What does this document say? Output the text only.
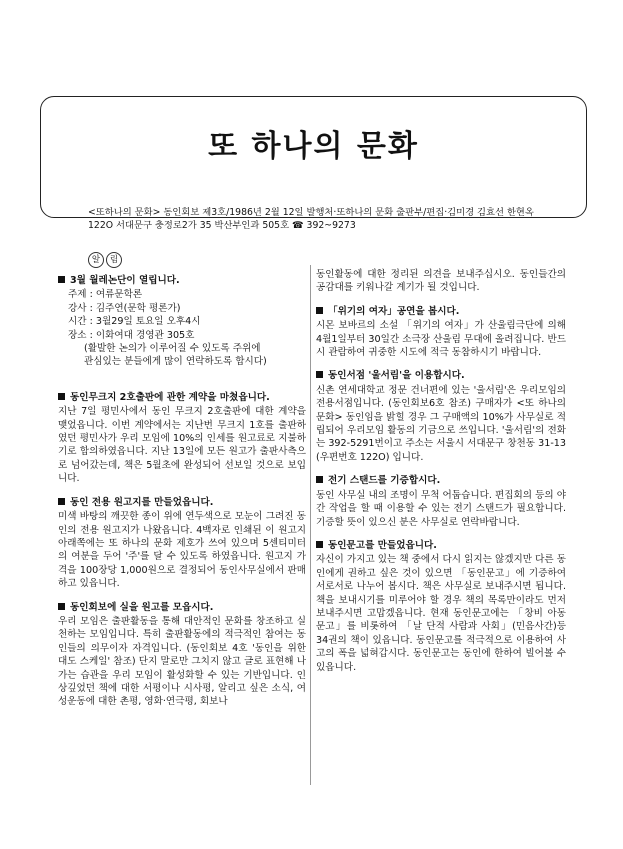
또 하나의 문화
<또하나의 문화> 동인회보 제3호/1986년 2월 12일 발행처·또하나의 문화 출판부/편집·김미경 김효선 한현옥
122O 서대문구 충정로2가 35 박산부인과 505호 ☎ 392~9273
알 림
3월 월레논단이 열립니다.
주제 : 여류문학론
강사 : 김주연(문학 평론가)
시간 : 3월29일 토요일 오후4시
장소 : 이화여대 경영관 305호
(활발한 논의가 이루어질 수 있도록 주위에
관심있는 분들에게 많이 연락하도록 합시다)
동인무크지 2호출판에 관한 계약을 마쳤읍니다.

지난 7일 평민사에서 동인 무크지 2호출판에 대한 계약을 맺었읍니다. 이번 계약에서는 지난번 무크지 1호를 출판하였던 평민사가 우리 모임에 10%의 인세를 원고료로 지불하기로 합의하였읍니다. 지난 13일에 모든 원고가 출판사측으로 넘어갔는데, 책은 5월초에 완성되어 선보일 것으로 보입니다.

동인 전용 원고지를 만들었읍니다.

미색 바탕의 깨끗한 종이 위에 연두색으로 모눈이 그려진 동인의 전용 원고지가 나왔읍니다. 4백자로 인쇄된 이 원고지 아래쪽에는 또 하나의 문화 제호가 쓰여 있으며 5센티미터의 여분을 두어 '주'를 달 수 있도록 하였읍니다. 원고지 가격을 100장당 1,000원으로 결정되어 동인사무실에서 판매하고 있읍니다.

동인회보에 실을 원고를 모읍시다.

우리 모임은 출판활동을 통해 대안적인 문화를 창조하고 실천하는 모임입니다. 특히 출판활동에의 적극적인 참여는 동인들의 의무이자 자격입니다. (동인회보 4호 '동인을 위한 대도 스케일' 참조) 단지 말로만 그치지 않고 글로 표현해 나가는 습관을 우리 모임이 활성화할 수 있는 기반입니다. 인상깊었던 책에 대한 서평이나 시사평, 알리고 싶은 소식, 여성운동에 대한 촌평, 영화·연극평, 회보나

동인활동에 대한 정리된 의견을 보내주십시오. 동인들간의 공감대를 키워나갈 계기가 될 것입니다.

「위기의 여자」공연을 봅시다.

시몬 보바르의 소설 「위기의 여자」가 산울림극단에 의해 4월1일부터 30일간 소극장 산울림 무대에 올려집니다. 반드시 관람하여 귀중한 시도에 적극 동참하시기 바랍니다.

동인서점 '울서림'을 이용합시다.

신촌 연세대학교 정문 건너편에 있는 '울서림'은 우리모임의 전용서점입니다. (동인회보6호 참조) 구매자가 <또 하나의 문화> 동인임을 밝힐 경우 그 구매액의 10%가 사무실로 적립되어 우리모임 활동의 기금으로 쓰입니다. '울서림'의 전화는 392-5291번이고 주소는 서울시 서대문구 창천동 31-13 (우편번호 122O) 입니다.

전기 스탠드를 기증합시다.

동인 사무실 내의 조명이 무척 어둡습니다. 편집회의 등의 야간 작업을 할 때 이용할 수 있는 전기 스탠드가 필요합니다. 기증할 뜻이 있으신 분은 사무실로 연락바랍니다.

동인문고를 만들었읍니다.

자신이 가지고 있는 책 중에서 다시 읽지는 않겠지만 다른 동인에게 권하고 싶은 것이 있으면 「동인문고」에 기증하여 서로서로 나누어 봅시다. 책은 사무실로 보내주시면 됩니다. 책을 보내시기를 미루어야 할 경우 책의 목록만이라도 먼저 보내주시면 고맙겠읍니다. 현재 동인문고에는 「창비 아동문고」를 비롯하여 「날 단적 사람과 사회」(민음사간)등 34권의 책이 있읍니다. 동인문고를 적극적으로 이용하여 사고의 폭을 넓혀갑시다. 동인문고는 동인에 한하여 빌어볼 수 있읍니다.
